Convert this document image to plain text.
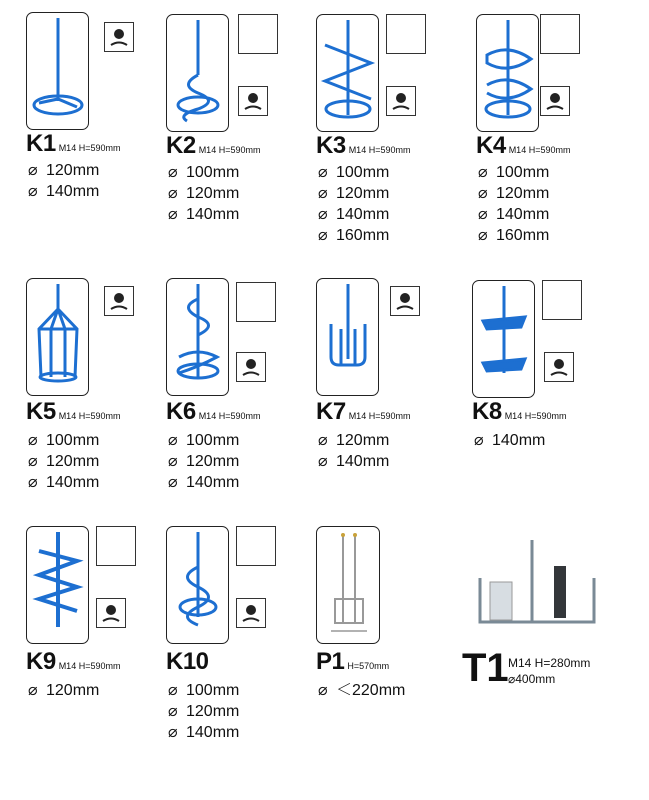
K1 M14 H=590mm
⌀ 120mm
⌀ 140mm
K2 M14 H=590mm
⌀ 100mm
⌀ 120mm
⌀ 140mm
K3 M14 H=590mm
⌀ 100mm
⌀ 120mm
⌀ 140mm
⌀ 160mm
K4 M14 H=590mm
⌀ 100mm
⌀ 120mm
⌀ 140mm
⌀ 160mm
K5 M14 H=590mm
⌀ 100mm
⌀ 120mm
⌀ 140mm
K6 M14 H=590mm
⌀ 100mm
⌀ 120mm
⌀ 140mm
K7 M14 H=590mm
⌀ 120mm
⌀ 140mm
K8 M14 H=590mm
⌀ 140mm
K9 M14 H=590mm
⌀ 120mm
K10
⌀ 100mm
⌀ 120mm
⌀ 140mm
P1 H=570mm
⌀ ＜220mm
T1 M14 H=280mm
⌀400mm
